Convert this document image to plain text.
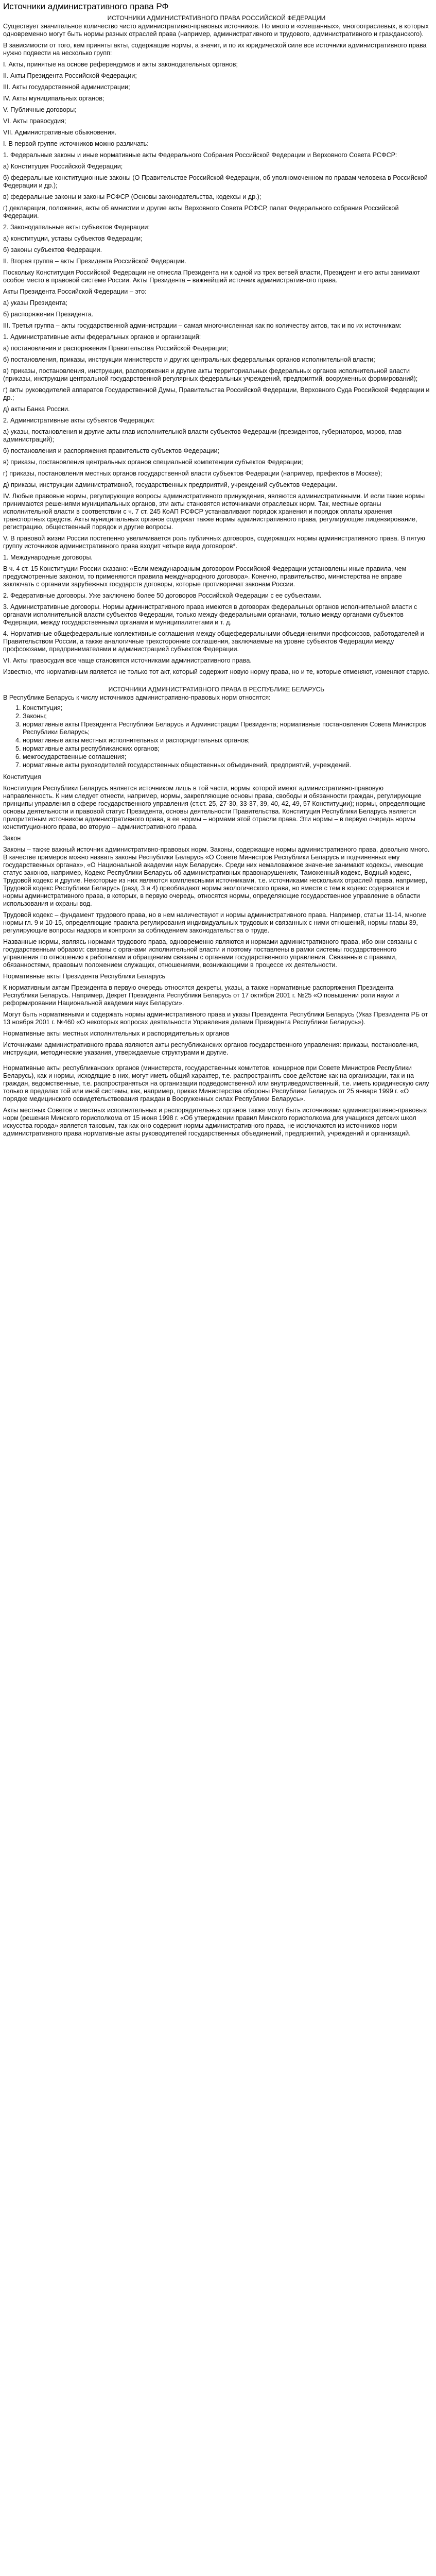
Источники административного права РФ
ИСТОЧНИКИ АДМИНИСТРАТИВНОГО ПРАВА РОССИЙСКОЙ ФЕДЕРАЦИИ
Существует значительное количество чисто административно-правовых источников. Но много и «смешанных», многоотраслевых, в которых одновременно могут быть нормы разных отраслей права (например, административного и трудового, административного и гражданского).
В зависимости от того, кем приняты акты, содержащие нормы, а значит, и по их юридической силе все источники административного права нужно подвести на несколько групп:
I. Акты, принятые на основе референдумов и акты законодательных органов;
II. Акты Президента Российской Федерации;
III. Акты государственной администрации;
IV. Акты муниципальных органов;
V. Публичные договоры;
VI. Акты правосудия;
VII. Административные обыкновения.
I. В первой группе источников можно различать:
1. Федеральные законы и иные нормативные акты Федерального Собрания Российской Федерации и Верховного Совета РСФСР:
а) Конституция Российской Федерации;
б) федеральные конституционные законы (О Правительстве Российской Федерации, об уполномоченном по правам человека в Российской Федерации и др.);
в) федеральные законы и законы РСФСР (Основы законодательства, кодексы и др.);
г) декларации, положения, акты об амнистии и другие акты Верховного Совета РСФСР, палат Федерального собрания Российской Федерации.
2. Законодательные акты субъектов Федерации:
а) конституции, уставы субъектов Федерации;
б) законы субъектов Федерации.
II. Вторая группа – акты Президента Российской Федерации.
Поскольку Конституция Российской Федерации не отнесла Президента ни к одной из трех ветвей власти, Президент и его акты занимают особое место в правовой системе России. Акты Президента – важнейший источник административного права.
Акты Президента Российской Федерации – это:
а) указы Президента;
б) распоряжения Президента.
III. Третья группа – акты государственной администрации – самая многочисленная как по количеству актов, так и по их источникам:
1. Административные акты федеральных органов и организаций:
а) постановления и распоряжения Правительства Российской Федерации;
б) постановления, приказы, инструкции министерств и других центральных федеральных органов исполнительной власти;
в) приказы, постановления, инструкции, распоряжения и другие акты территориальных федеральных органов исполнительной власти (приказы, инструкции центральной государственной регулярных федеральных учреждений, предприятий, вооруженных формирований);
г) акты руководителей аппаратов Государственной Думы, Правительства Российской Федерации, Верховного Суда Российской Федерации и др.;
д) акты Банка России.
2. Административные акты субъектов Федерации:
а) указы, постановления и другие акты глав исполнительной власти субъектов Федерации (президентов, губернаторов, мэров, глав администраций);
б) постановления и распоряжения правительств субъектов Федерации;
в) приказы, постановления центральных органов специальной компетенции субъектов Федерации;
г) приказы, постановления местных органов государственной власти субъектов Федерации (например, префектов в Москве);
д) приказы, инструкции административной, государственных предприятий, учреждений субъектов Федерации.
IV. Любые правовые нормы, регулирующие вопросы административного принуждения, являются административными. И если такие нормы принимаются решениями муниципальных органов, эти акты становятся источниками отраслевых норм. Так, местные органы исполнительной власти в соответствии с ч. 7 ст. 245 КоАП РСФСР устанавливают порядок хранения и порядок оплаты хранения транспортных средств. Акты муниципальных органов содержат также нормы административного права, регулирующие лицензирование, регистрацию, общественный порядок и другие вопросы.
V. В правовой жизни России постепенно увеличивается роль публичных договоров, содержащих нормы административного права. В пятую группу источников административного права входит четыре вида договоров*.
1. Международные договоры.
В ч. 4 ст. 15 Конституции России сказано: «Если международным договором Российской Федерации установлены иные правила, чем предусмотренные законом, то применяются правила международного договора». Конечно, правительство, министерства не вправе заключать с органами зарубежных государств договоры, которые противоречат законам России.
2. Федеративные договоры. Уже заключено более 50 договоров Российской Федерации с ее субъектами.
3. Административные договоры. Нормы административного права имеются в договорах федеральных органов исполнительной власти с органами исполнительной власти субъектов Федерации, только между федеральными органами, только между органами субъектов Федерации, между государственными органами и муниципалитетами и т. д.
4. Нормативные общефедеральные коллективные соглашения между общефедеральными объединениями профсоюзов, работодателей и Правительством России, а также аналогичные трехсторонние соглашения, заключаемые на уровне субъектов Федерации между профсоюзами, предпринимателями и администрацией субъектов Федерации.
VI. Акты правосудия все чаще становятся источниками административного права.
Известно, что нормативным является не только тот акт, который содержит новую норму права, но и те, которые отменяют, изменяют старую.
ИСТОЧНИКИ АДМИНИСТРАТИВНОГО ПРАВА В РЕСПУБЛИКЕ БЕЛАРУСЬ
В Республике Беларусь к числу источников административно-правовых норм относятся:
1. Конституция;
2. Законы;
3. нормативные акты Президента Республики Беларусь и Администрации Президента; нормативные постановления Совета Министров Республики Беларусь;
4. нормативные акты местных исполнительных и распорядительных органов;
5. нормативные акты республиканских органов;
6. межгосударственные соглашения;
7. нормативные акты руководителей государственных общественных объединений, предприятий, учреждений.
Конституция
Конституция Республики Беларусь является источником лишь в той части, нормы которой имеют административно-правовую направленность. К ним следует отнести, например, нормы, закрепляющие основы права, свободы и обязанности граждан, регулирующие принципы управления в сфере государственного управления (ст.ст. 25, 27-30, 33-37, 39, 40, 42, 49, 57 Конституции); нормы, определяющие основы деятельности и правовой статус Президента, основы деятельности Правительства. Конституция Республики Беларусь является приоритетным источником административного права, в ее нормы – нормами этой отрасли права. Эти нормы – в первую очередь нормы конституционного права, во вторую – административного права.
Закон
Законы – также важный источник административно-правовых норм. Законы, содержащие нормы административного права, довольно много. В качестве примеров можно назвать законы Республики Беларусь «О Совете Министров Республики Беларусь и подчиненных ему государственных органах», «О Национальной академии наук Беларуси». Среди них немаловажное значение занимают кодексы, имеющие статус законов, например, Кодекс Республики Беларусь об административных правонарушениях, Таможенный кодекс, Водный кодекс, Трудовой кодекс и другие. Некоторые из них являются комплексными источниками, т.е. источниками нескольких отраслей права, например, Трудовой кодекс Республики Беларусь (разд. 3 и 4) преобладают нормы экологического права, но вместе с тем в кодекс содержатся и нормы административного права, в которых, в первую очередь, относятся нормы, определяющие государственное управление в области использования и охраны вод.
Трудовой кодекс – фундамент трудового права, но в нем наличествуют и нормы административного права. Например, статьи 11-14, многие нормы гл. 9 и 10-15, определяющие правила регулирования индивидуальных трудовых и связанных с ними отношений, нормы главы 39, регулирующие вопросы надзора и контроля за соблюдением законодательства о труде.
Названные нормы, являясь нормами трудового права, одновременно являются и нормами административного права, ибо они связаны с государственным образом: связаны с органами исполнительной власти и поэтому поставлены в рамки системы государственного управления по отношению к работникам и обращениям связаны с органами государственного управления. Связанные с правами, обязанностями, правовым положением служащих, отношениями, возникающими в процессе их деятельности.
Нормативные акты Президента Республики Беларусь
К нормативным актам Президента в первую очередь относятся декреты, указы, а также нормативные распоряжения Президента Республики Беларусь. Например, Декрет Президента Республики Беларусь от 17 октября 2001 г. №25 «О повышении роли науки и реформировании Национальной академии наук Беларуси».
Могут быть нормативными и содержать нормы административного права и указы Президента Республики Беларусь (Указ Президента РБ от 13 ноября 2001 г. №460 «О некоторых вопросах деятельности Управления делами Президента Республики Беларусь»).
Нормативные акты местных исполнительных и распорядительных органов
Источниками административного права являются акты республиканских органов государственного управления: приказы, постановления, инструкции, методические указания, утверждаемые структурами и другие.
Нормативные акты республиканских органов (министерств, государственных комитетов, концернов при Совете Министров Республики Беларусь), как и нормы, исходящие в них, могут иметь общий характер, т.е. распространять свое действие как на организации, так и на граждан, ведомственные, т.е. распространяться на организации подведомственной или внутриведомственный, т.е. иметь юридическую силу только в пределах той или иной системы, как, например, приказ Министерства обороны Республики Беларусь от 25 января 1999 г. «О порядке медицинского освидетельствования граждан в Вооруженных силах Республики Беларусь».
Акты местных Советов и местных исполнительных и распорядительных органов также могут быть источниками административно-правовых норм (решения Минского горисполкома от 15 июня 1998 г. «Об утверждении правил Минского горисполкома для учащихся детских школ искусства города» является таковым, так как оно содержит нормы административного права, не исключаются из источников норм административного права нормативные акты руководителей государственных объединений, предприятий, учреждений и организаций.
